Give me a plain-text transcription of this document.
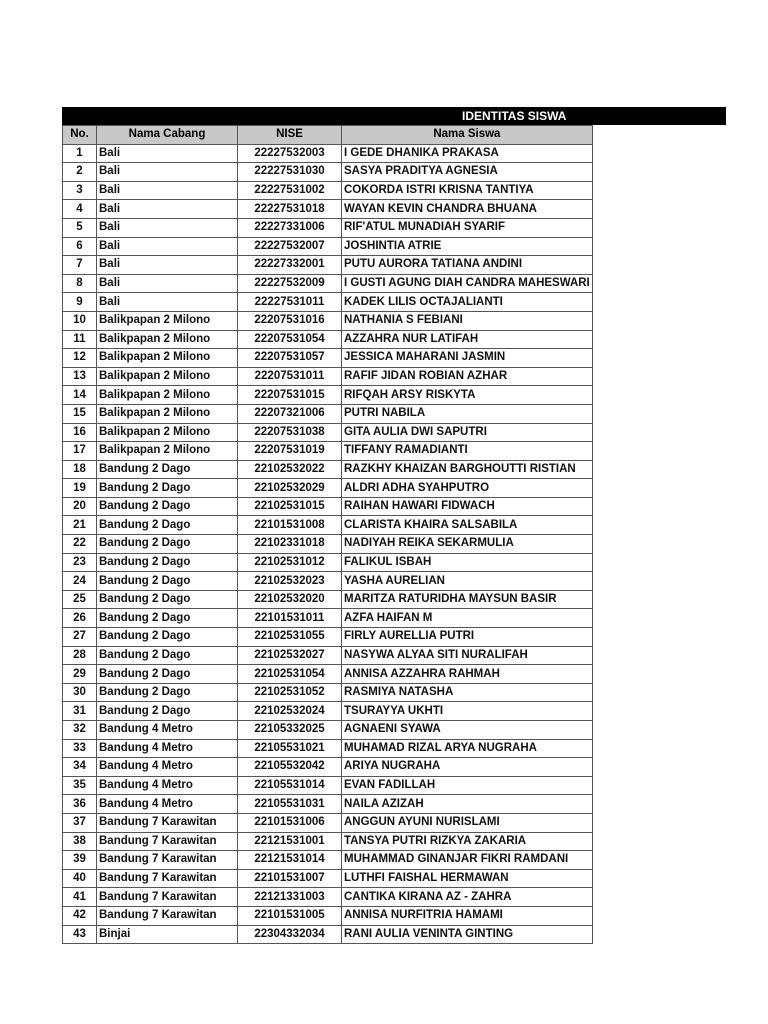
IDENTITAS SISWA
No.	Nama Cabang	NISE	Nama Siswa
1	Bali	22227532003	I GEDE DHANIKA PRAKASA
2	Bali	22227531030	SASYA PRADITYA AGNESIA
3	Bali	22227531002	COKORDA ISTRI KRISNA TANTIYA
4	Bali	22227531018	WAYAN KEVIN CHANDRA BHUANA
5	Bali	22227331006	RIF'ATUL MUNADIAH SYARIF
6	Bali	22227532007	JOSHINTIA ATRIE
7	Bali	22227332001	PUTU AURORA TATIANA ANDINI
8	Bali	22227532009	I GUSTI AGUNG DIAH CANDRA MAHESWARI
9	Bali	22227531011	KADEK LILIS OCTAJALIANTI
10	Balikpapan 2 Milono	22207531016	NATHANIA S FEBIANI
11	Balikpapan 2 Milono	22207531054	AZZAHRA NUR LATIFAH
12	Balikpapan 2 Milono	22207531057	JESSICA MAHARANI JASMIN
13	Balikpapan 2 Milono	22207531011	RAFIF JIDAN ROBIAN AZHAR
14	Balikpapan 2 Milono	22207531015	RIFQAH ARSY RISKYTA
15	Balikpapan 2 Milono	22207321006	PUTRI NABILA
16	Balikpapan 2 Milono	22207531038	GITA AULIA DWI SAPUTRI
17	Balikpapan 2 Milono	22207531019	TIFFANY RAMADIANTI
18	Bandung 2 Dago	22102532022	RAZKHY KHAIZAN BARGHOUTTI RISTIAN
19	Bandung 2 Dago	22102532029	ALDRI ADHA SYAHPUTRO
20	Bandung 2 Dago	22102531015	RAIHAN HAWARI FIDWACH
21	Bandung 2 Dago	22101531008	CLARISTA KHAIRA SALSABILA
22	Bandung 2 Dago	22102331018	NADIYAH REIKA SEKARMULIA
23	Bandung 2 Dago	22102531012	FALIKUL ISBAH
24	Bandung 2 Dago	22102532023	YASHA AURELIAN
25	Bandung 2 Dago	22102532020	MARITZA RATURIDHA MAYSUN BASIR
26	Bandung 2 Dago	22101531011	AZFA HAIFAN M
27	Bandung 2 Dago	22102531055	FIRLY AURELLIA PUTRI
28	Bandung 2 Dago	22102532027	NASYWA ALYAA SITI NURALIFAH
29	Bandung 2 Dago	22102531054	ANNISA AZZAHRA RAHMAH
30	Bandung 2 Dago	22102531052	RASMIYA NATASHA
31	Bandung 2 Dago	22102532024	TSURAYYA UKHTI
32	Bandung 4 Metro	22105332025	AGNAENI SYAWA
33	Bandung 4 Metro	22105531021	MUHAMAD RIZAL ARYA NUGRAHA
34	Bandung 4 Metro	22105532042	ARIYA NUGRAHA
35	Bandung 4 Metro	22105531014	EVAN FADILLAH
36	Bandung 4 Metro	22105531031	NAILA AZIZAH
37	Bandung 7 Karawitan	22101531006	ANGGUN AYUNI NURISLAMI
38	Bandung 7 Karawitan	22121531001	TANSYA PUTRI RIZKYA ZAKARIA
39	Bandung 7 Karawitan	22121531014	MUHAMMAD GINANJAR FIKRI RAMDANI
40	Bandung 7 Karawitan	22101531007	LUTHFI FAISHAL HERMAWAN
41	Bandung 7 Karawitan	22121331003	CANTIKA KIRANA AZ - ZAHRA
42	Bandung 7 Karawitan	22101531005	ANNISA NURFITRIA HAMAMI
43	Binjai	22304332034	RANI AULIA VENINTA GINTING
